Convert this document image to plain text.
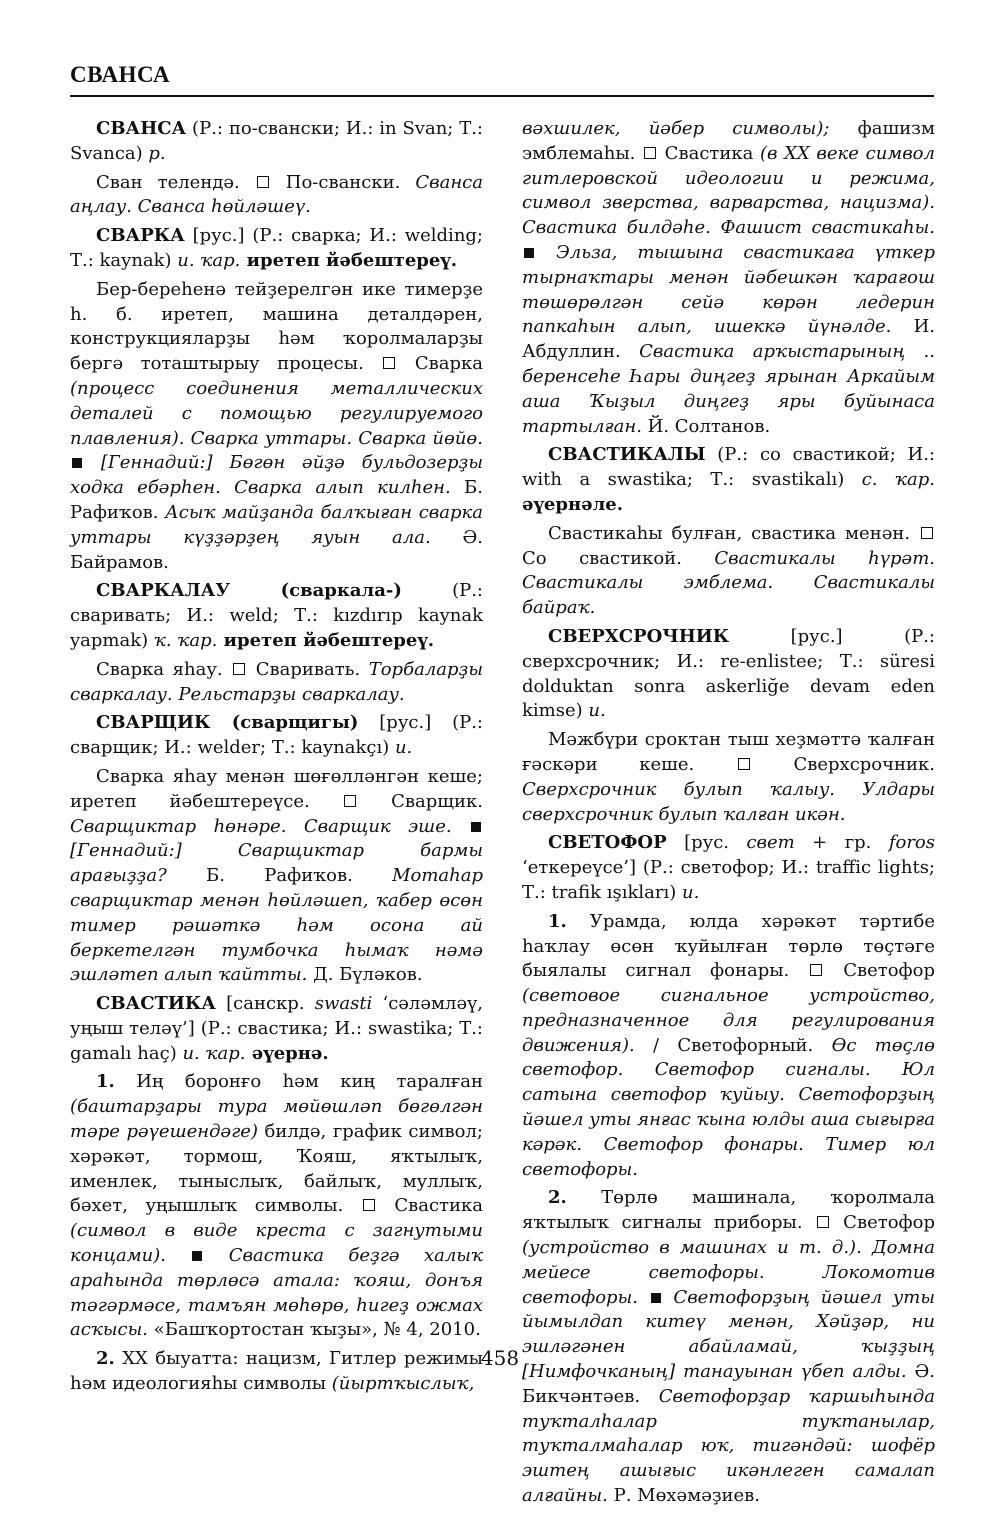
СВАНСА

СВАНСА (Р.: по-свански; И.: in Svan; Т.: Svanca) р.

Сван телендә.  По-свански. Сванса аңлау. Сванса һөйләшеү.

СВАРКА [рус.] (Р.: сварка; И.: welding; Т.: kaynak) и. ҡар. иретеп йәбештереү.

Бер-береһенә тейҙерелгән ике тимерҙе һ. б. иретеп, машина деталдәрен, конструкцияларҙы һәм ҡоролмаларҙы бергә тоташтырыу процесы.  Сварка (процесс соединения металлических деталей с помощью регулируемого плавления). Сварка уттары. Сварка йөйө.  [Геннадий:] Бөгөн әйҙә бульдозерҙы ходка ебәрһен. Сварка алып килһен. Б. Рафиҡов. Асыҡ майҙанда балҡыған сварка уттары күҙҙәрҙең яуын ала. Ә. Байрамов.

СВАРКАЛАУ (сваркала-) (Р.: сваривать; И.: weld; Т.: kızdırıp kaynak yapmak) ҡ. ҡар. иретеп йәбештереү.

Сварка яһау.  Сваривать. Торбаларҙы сваркалау. Рельстарҙы сваркалау.

СВАРЩИК (сварщигы) [рус.] (Р.: сварщик; И.: welder; Т.: kaynakçı) и.

Сварка яһау менән шөғөлләнгән кеше; иретеп йәбештереүсе.  Сварщик. Сварщиктар һөнәре. Сварщик эше.  [Геннадий:] Сварщиктар бармы арағыҙҙа? Б. Рафиҡов. Мотаһар сварщиктар менән һөйләшеп, ҡабер өсөн тимер рәшәткә һәм осона ай беркетелгән тумбочка һымаҡ нәмә эшләтеп алып ҡайтты. Д. Бүләков.

СВАСТИКА [санскр. swasti ‘сәләмләү, уңыш теләү’] (Р.: свастика; И.: swastika; Т.: gamalı haç) и. ҡар. әүернә.

1. Иң боронғо һәм киң таралған (баштарҙары тура мөйөшләп бөгөлгән тәре рәүешендәге) билдә, график символ; хәрәкәт, тормош, Ҡояш, яҡтылыҡ, именлек, тыныслыҡ, байлыҡ, муллыҡ, бәхет, уңышлыҡ символы.  Свастика (символ в виде креста с загнутыми концами).	Свастика беҙгә халыҡ араһында төрлөсә атала: ҡояш, донъя тәгәрмәсе, тамъян мөһөрө, һигеҙ ожмах асҡысы. «Башҡортостан ҡыҙы», № 4, 2010.

2. XX быуатта: нацизм, Гитлер режимы һәм идеологияһы символы (йыртҡыслыҡ,

вәхшилек, йәбер символы); фашизм эмблемаһы.  Свастика (в XX веке символ гитлеровской идеологии и режима, символ зверства, варварства, нацизма). Свастика билдәһе. Фашист свастикаһы.  Эльза, тышына свастикаға үткер тырнаҡтары менән йәбешкән ҡарағош төшөрөлгән сейә көрән ледерин папкаһын алып, ишеккә йүнәлде. И. Абдуллин. Свастика арҡыстарының .. беренсеһе Һары диңгеҙ ярынан Аркайым аша Ҡыҙыл диңгеҙ яры буйынаса тартылған. Й. Солтанов.

СВАСТИКАЛЫ (Р.: со свастикой; И.: with a swastika; Т.: svastikalı) с. ҡар. әүернәле.

Свастикаһы булған, свастика менән.  Со свастикой. Свастикалы һүрәт. Свастикалы эмблема. Свастикалы байраҡ.

СВЕРХСРОЧНИК [рус.] (Р.: сверхсрочник; И.: re-enlistee; Т.: süresi dolduktan sonra askerliğe devam eden kimse) и.

Мәжбүри сроктан тыш хеҙмәттә ҡалған ғәскәри кеше.  Сверхсрочник. Сверхсрочник булып ҡалыу. Улдары сверхсрочник булып ҡалған икән.

СВЕТОФОР [рус. свет + гр. foros ‘еткереүсе’] (Р.: светофор; И.: traffic lights; Т.: trafik ışıkları) и.

1. Урамда, юлда хәрәкәт тәртибе һаҡлау өсөн ҡуйылған төрлө төҫтәге быялалы сигнал фонары.  Светофор (световое сигнальное устройство, предназначенное для регулирования движения). / Светофорный. Өс төҫлө светофор. Светофор сигналы. Юл сатына светофор ҡуйыу. Светофорҙың йәшел уты янғас ҡына юлды аша сығырға кәрәк. Светофор фонары. Тимер юл светофоры.

2. Төрлө машинала, ҡоролмала яҡтылыҡ сигналы приборы.  Светофор (устройство в машинах и т. д.). Домна мейесе светофоры. Локомотив светофоры. Светофорҙың йәшел уты йымылдап китеү менән, Хәйҙәр, ни эшләгәнен абайламай, ҡыҙҙың [Нимфочканың] танауынан үбеп алды. Ә. Бикчәнтәев. Светофорҙар ҡаршыһында туҡталһалар туҡтанылар, туҡталмаһалар юҡ, тигәндәй: шофёр эштең ашығыс икәнлеген самалап алғайны. Р. Мөхәмәҙиев.

458
